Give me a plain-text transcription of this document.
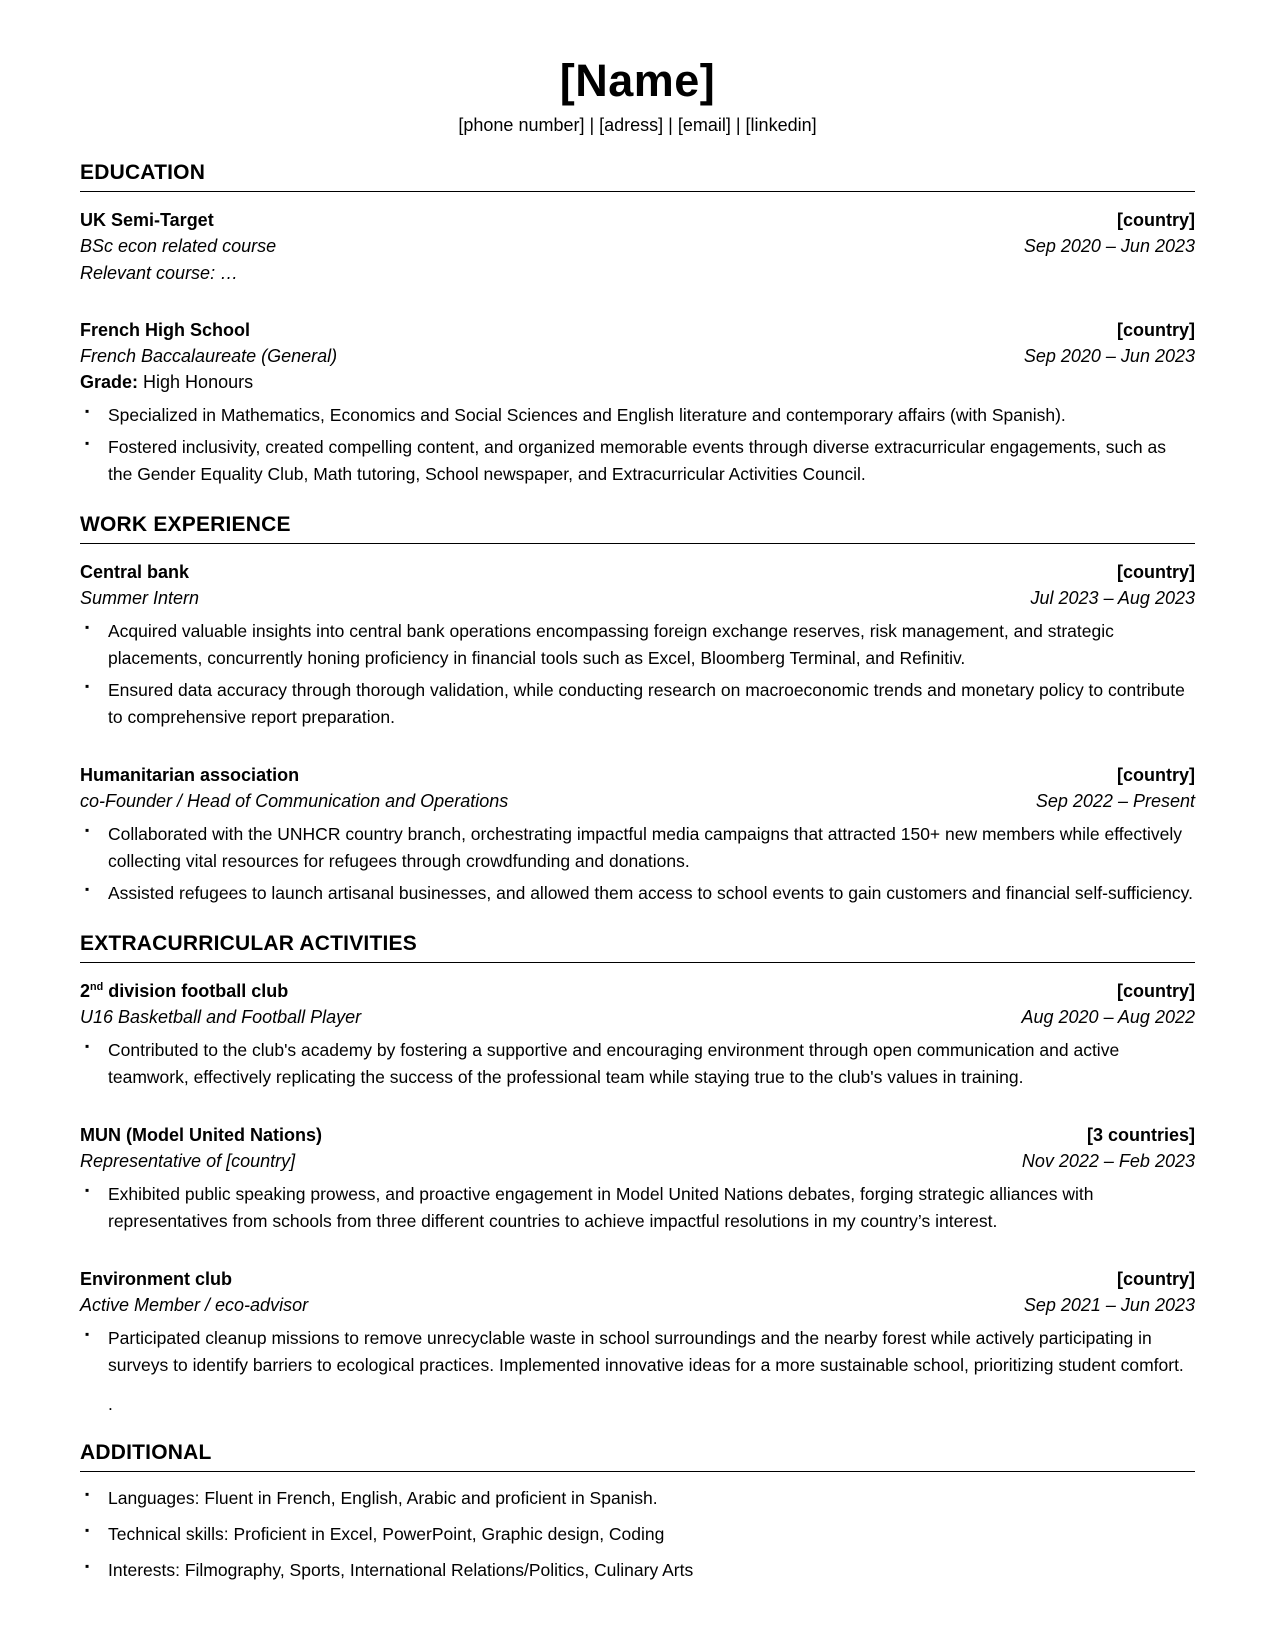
[Name]
[phone number] | [adress] | [email] | [linkedin]
EDUCATION
UK Semi-Target	[country]
BSc econ related course	Sep 2020 – Jun 2023
Relevant course: …
French High School	[country]
French Baccalaureate (General)	Sep 2020 – Jun 2023
Grade: High Honours
▪ Specialized in Mathematics, Economics and Social Sciences and English literature and contemporary affairs (with Spanish).
▪ Fostered inclusivity, created compelling content, and organized memorable events through diverse extracurricular engagements, such as the Gender Equality Club, Math tutoring, School newspaper, and Extracurricular Activities Council.
WORK EXPERIENCE
Central bank	[country]
Summer Intern	Jul 2023 – Aug 2023
▪ Acquired valuable insights into central bank operations encompassing foreign exchange reserves, risk management, and strategic placements, concurrently honing proficiency in financial tools such as Excel, Bloomberg Terminal, and Refinitiv.
▪ Ensured data accuracy through thorough validation, while conducting research on macroeconomic trends and monetary policy to contribute to comprehensive report preparation.
Humanitarian association	[country]
co-Founder / Head of Communication and Operations	Sep 2022 – Present
▪ Collaborated with the UNHCR country branch, orchestrating impactful media campaigns that attracted 150+ new members while effectively collecting vital resources for refugees through crowdfunding and donations.
▪ Assisted refugees to launch artisanal businesses, and allowed them access to school events to gain customers and financial self-sufficiency.
EXTRACURRICULAR ACTIVITIES
2nd division football club	[country]
U16 Basketball and Football Player	Aug 2020 – Aug 2022
▪ Contributed to the club's academy by fostering a supportive and encouraging environment through open communication and active teamwork, effectively replicating the success of the professional team while staying true to the club's values in training.
MUN (Model United Nations)	[3 countries]
Representative of [country]	Nov 2022 – Feb 2023
▪ Exhibited public speaking prowess, and proactive engagement in Model United Nations debates, forging strategic alliances with representatives from schools from three different countries to achieve impactful resolutions in my country’s interest.
Environment club	[country]
Active Member / eco-advisor	Sep 2021 – Jun 2023
▪ Participated cleanup missions to remove unrecyclable waste in school surroundings and the nearby forest while actively participating in surveys to identify barriers to ecological practices. Implemented innovative ideas for a more sustainable school, prioritizing student comfort.
.
ADDITIONAL
▪ Languages: Fluent in French, English, Arabic and proficient in Spanish.
▪ Technical skills: Proficient in Excel, PowerPoint, Graphic design, Coding
▪ Interests: Filmography, Sports, International Relations/Politics, Culinary Arts
